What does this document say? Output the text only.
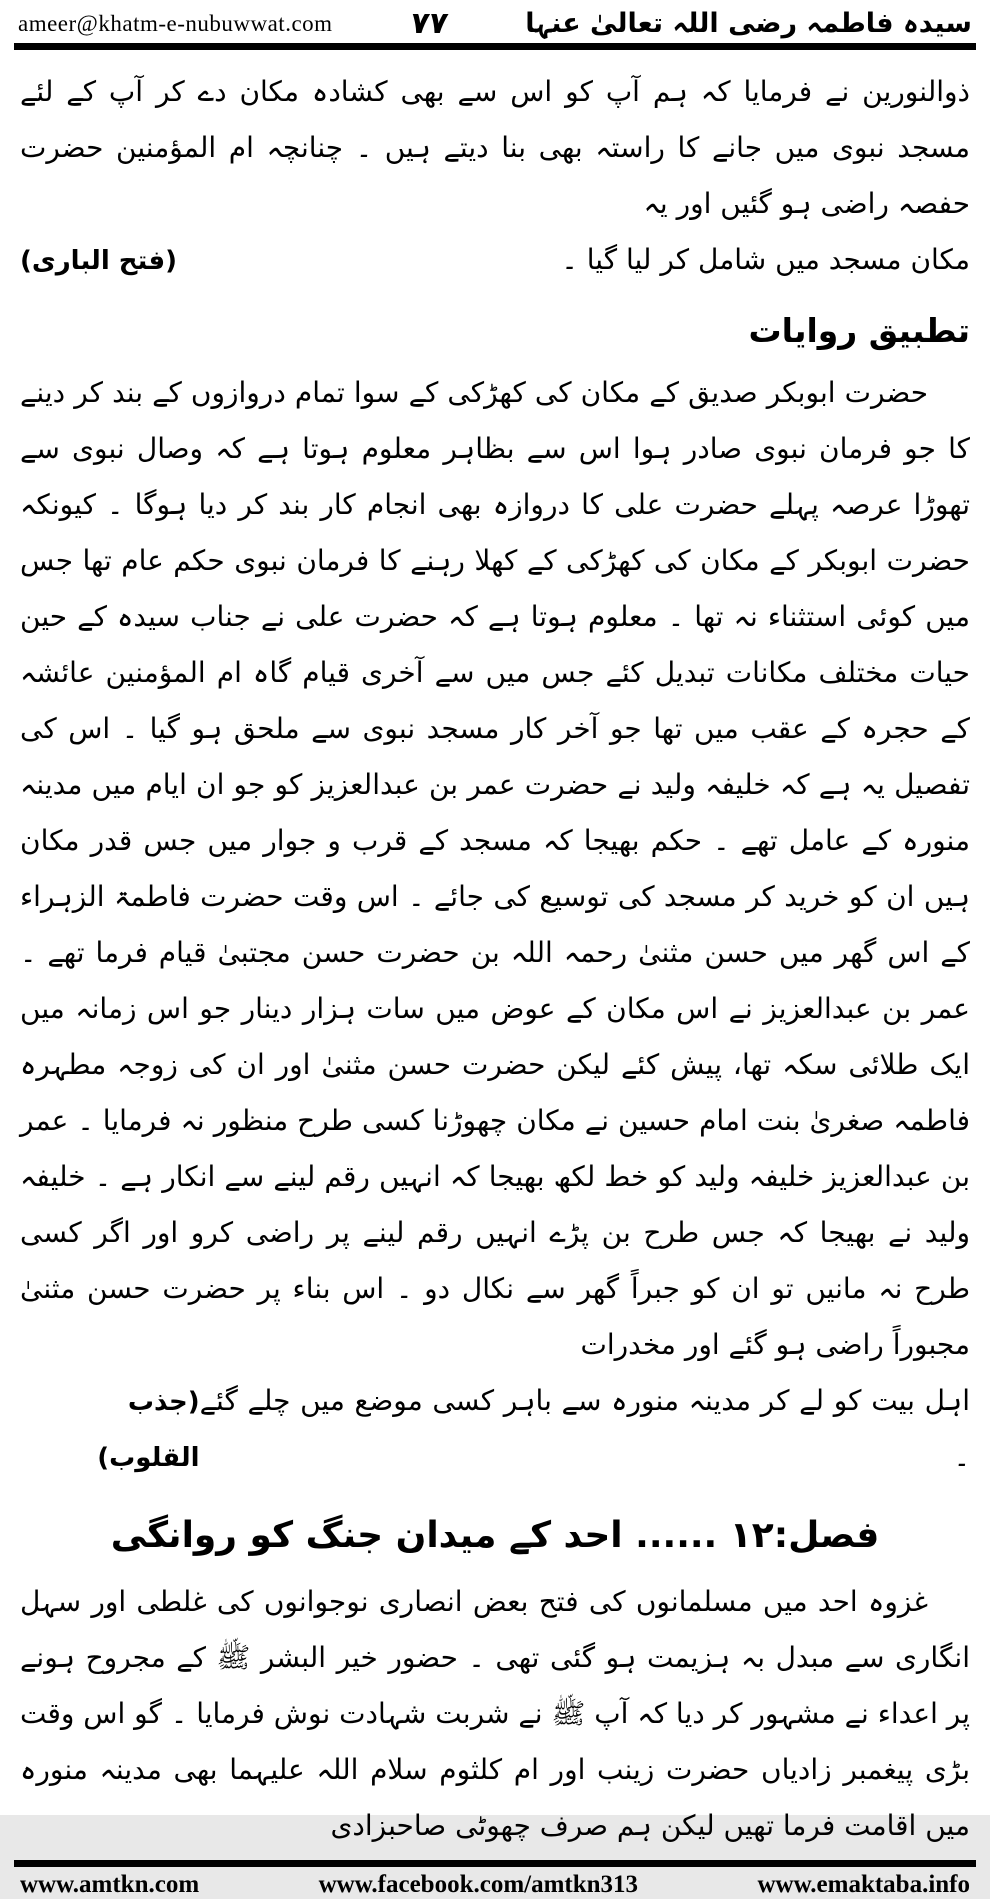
ameer@khatm-e-nubuwwat.com	۷۷	سیدہ فاطمہ رضی اللہ تعالیٰ عنہا

ذوالنورین نے فرمایا کہ ہم آپ کو اس سے بھی کشادہ مکان دے کر آپ کے لئے مسجد نبوی میں جانے کا راستہ بھی بنا دیتے ہیں ۔ چنانچہ ام المؤمنین حضرت حفصہ راضی ہو گئیں اور یہ

مکان مسجد میں شامل کر لیا گیا ۔
(فتح الباری)
تطبیق روایات

حضرت ابوبکر صدیق کے مکان کی کھڑکی کے سوا تمام دروازوں کے بند کر دینے کا جو فرمان نبوی صادر ہوا اس سے بظاہر معلوم ہوتا ہے کہ وصال نبوی سے تھوڑا عرصہ پہلے حضرت علی کا دروازہ بھی انجام کار بند کر دیا ہوگا ۔ کیونکہ حضرت ابوبکر کے مکان کی کھڑکی کے کھلا رہنے کا فرمان نبوی حکم عام تھا جس میں کوئی استثناء نہ تھا ۔ معلوم ہوتا ہے کہ حضرت علی نے جناب سیدہ کے حین حیات مختلف مکانات تبدیل کئے جس میں سے آخری قیام گاہ ام المؤمنین عائشہ کے حجرہ کے عقب میں تھا جو آخر کار مسجد نبوی سے ملحق ہو گیا ۔ اس کی تفصیل یہ ہے کہ خلیفہ ولید نے حضرت عمر بن عبدالعزیز کو جو ان ایام میں مدینہ منورہ کے عامل تھے ۔ حکم بھیجا کہ مسجد کے قرب و جوار میں جس قدر مکان ہیں ان کو خرید کر مسجد کی توسیع کی جائے ۔ اس وقت حضرت فاطمۃ الزہراء کے اس گھر میں حسن مثنیٰ رحمہ اللہ بن حضرت حسن مجتبیٰ قیام فرما تھے ۔ عمر بن عبدالعزیز نے اس مکان کے عوض میں سات ہزار دینار جو اس زمانہ میں ایک طلائی سکہ تھا، پیش کئے لیکن حضرت حسن مثنیٰ اور ان کی زوجہ مطہرہ فاطمہ صغریٰ بنت امام حسین نے مکان چھوڑنا کسی طرح منظور نہ فرمایا ۔ عمر بن عبدالعزیز خلیفہ ولید کو خط لکھ بھیجا کہ انہیں رقم لینے سے انکار ہے ۔ خلیفہ ولید نے بھیجا کہ جس طرح بن پڑے انہیں رقم لینے پر راضی کرو اور اگر کسی طرح نہ مانیں تو ان کو جبراً گھر سے نکال دو ۔ اس بناء پر حضرت حسن مثنیٰ مجبوراً راضی ہو گئے اور مخدرات

اہل بیت کو لے کر مدینہ منورہ سے باہر کسی موضع میں چلے گئے ۔
(جذب القلوب)
فصل:۱۲ ...... احد کے میدان جنگ کو روانگی

غزوہ احد میں مسلمانوں کی فتح بعض انصاری نوجوانوں کی غلطی اور سہل انگاری سے مبدل بہ ہزیمت ہو گئی تھی ۔ حضور خیر البشر ﷺ کے مجروح ہونے پر اعداء نے مشہور کر دیا کہ آپ ﷺ نے شربت شہادت نوش فرمایا ۔ گو اس وقت بڑی پیغمبر زادیاں حضرت زینب اور ام کلثوم سلام اللہ علیہما بھی مدینہ منورہ میں اقامت فرما تھیں لیکن ہم صرف چھوٹی صاحبزادی

www.amtkn.com	www.facebook.com/amtkn313	www.emaktaba.info
